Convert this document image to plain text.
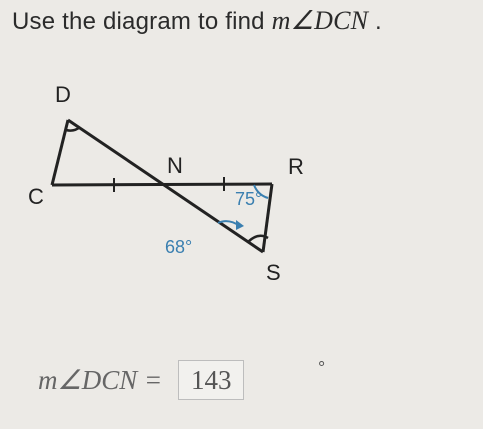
Use the diagram to find m∠DCN .
D
C
N	R
S
75°
68°
m∠DCN =	143	°
